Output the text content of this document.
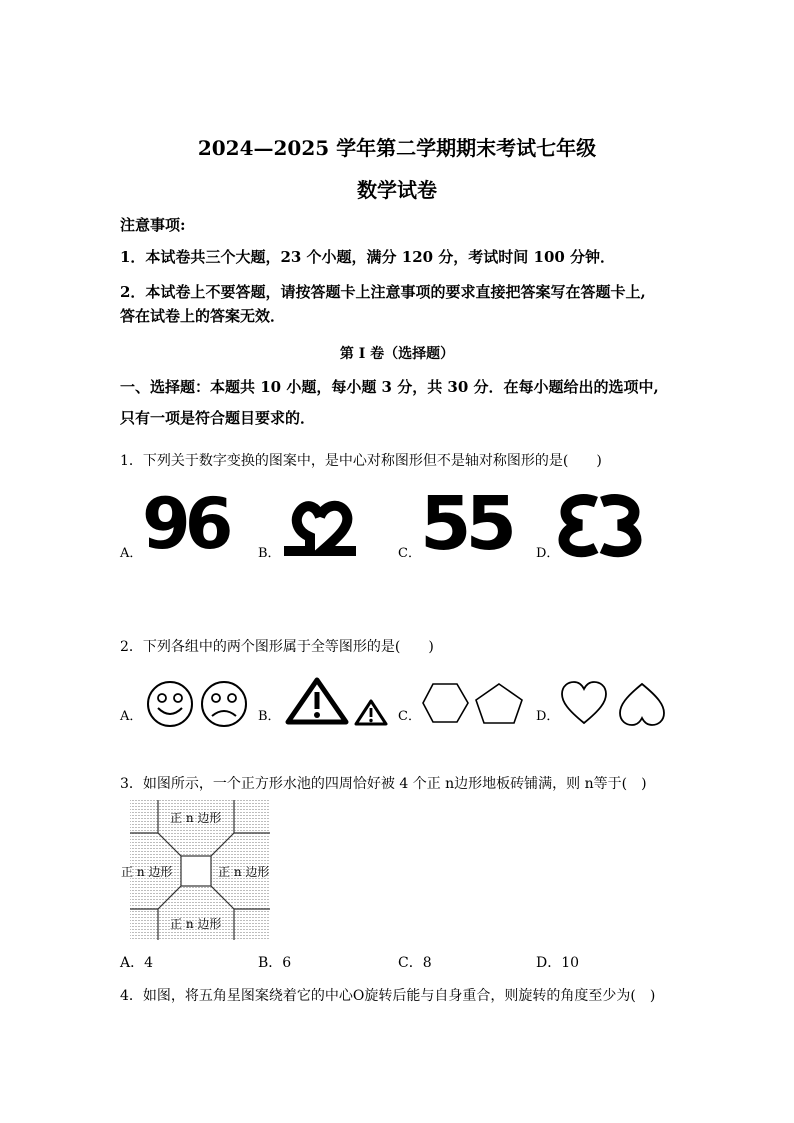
2024—2025 学年第二学期期末考试七年级
数学试卷
注意事项:
1．本试卷共三个大题，23 个小题，满分 120 分，考试时间 100 分钟．
2．本试卷上不要答题，请按答题卡上注意事项的要求直接把答案写在答题卡上,
答在试卷上的答案无效．
第 I 卷（选择题）
一、选择题：本题共 10 小题，每小题 3 分，共 30 分．在每小题给出的选项中,
只有一项是符合题目要求的．
1．下列关于数字变换的图案中，是中心对称图形但不是轴对称图形的是(　　)
A． 96 B．	C． 55 D．
2．下列各组中的两个图形属于全等图形的是(　　)
A．	B．	C．	D．
3．如图所示，一个正方形水池的四周恰好被 4 个正 n边形地板砖铺满，则 n等于(　)
正 n 边形
正 n 边形	正 n 边形
正 n 边形
A．4	B．6	C．8	D．10
4．如图，将五角星图案绕着它的中心O旋转后能与自身重合，则旋转的角度至少为(　)
